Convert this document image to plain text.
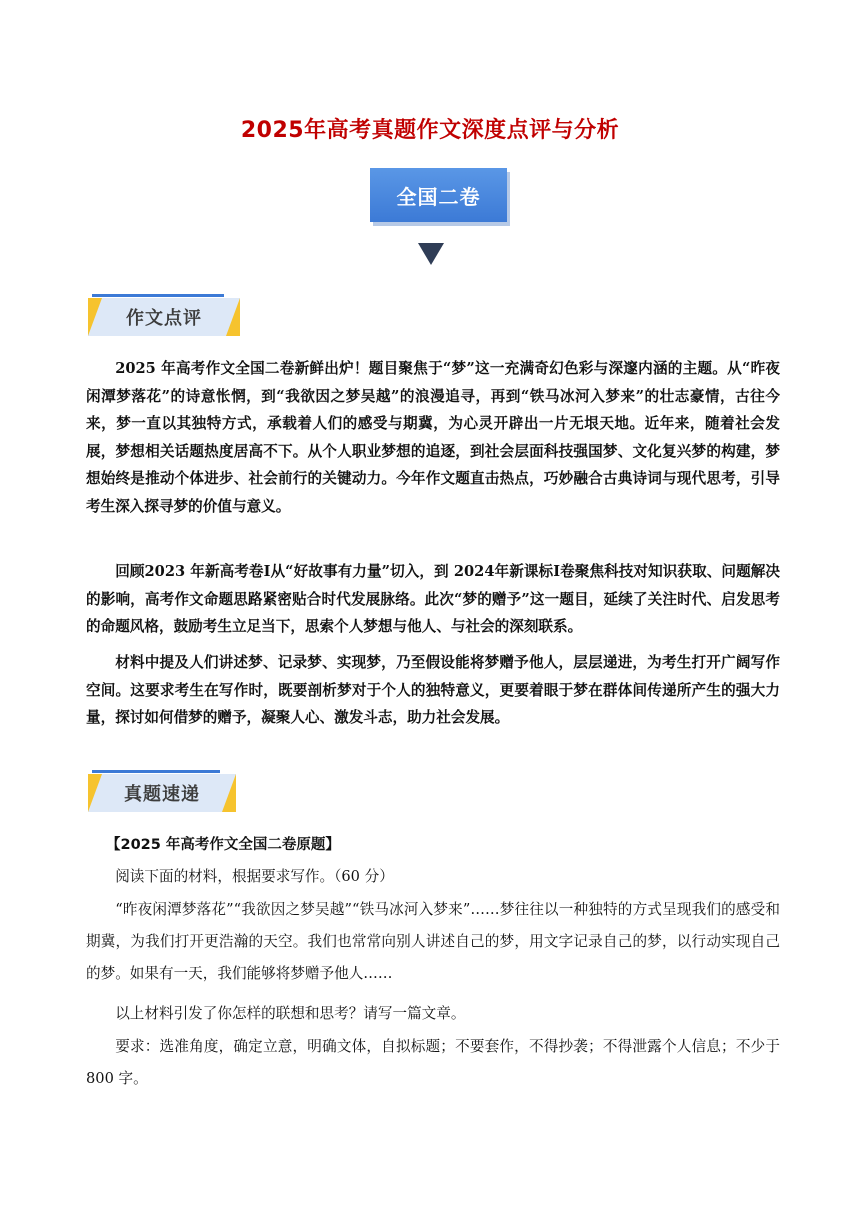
2025年高考真题作文深度点评与分析
全国二卷
作文点评

2025 年高考作文全国二卷新鲜出炉！题目聚焦于“梦”这一充满奇幻色彩与深邃内涵的主题。从“昨夜闲潭梦落花”的诗意怅惘，到“我欲因之梦吴越”的浪漫追寻，再到“铁马冰河入梦来”的壮志豪情，古往今来，梦一直以其独特方式，承载着人们的感受与期冀，为心灵开辟出一片无垠天地。近年来，随着社会发展，梦想相关话题热度居高不下。从个人职业梦想的追逐，到社会层面科技强国梦、文化复兴梦的构建，梦想始终是推动个体进步、社会前行的关键动力。今年作文题直击热点，巧妙融合古典诗词与现代思考，引导考生深入探寻梦的价值与意义。

回顾2023 年新高考卷Ⅰ从“好故事有力量”切入，到 2024年新课标Ⅰ卷聚焦科技对知识获取、问题解决的影响，高考作文命题思路紧密贴合时代发展脉络。此次“梦的赠予”这一题目，延续了关注时代、启发思考的命题风格，鼓励考生立足当下，思索个人梦想与他人、与社会的深刻联系。

材料中提及人们讲述梦、记录梦、实现梦，乃至假设能将梦赠予他人，层层递进，为考生打开广阔写作空间。这要求考生在写作时，既要剖析梦对于个人的独特意义，更要着眼于梦在群体间传递所产生的强大力量，探讨如何借梦的赠予，凝聚人心、激发斗志，助力社会发展。

真题速递

【2025 年高考作文全国二卷原题】

阅读下面的材料，根据要求写作。（60 分）

“昨夜闲潭梦落花”“我欲因之梦吴越”“铁马冰河入梦来”……梦往往以一种独特的方式呈现我们的感受和期冀，为我们打开更浩瀚的天空。我们也常常向别人讲述自己的梦，用文字记录自己的梦，以行动实现自己的梦。如果有一天，我们能够将梦赠予他人……

以上材料引发了你怎样的联想和思考？请写一篇文章。

要求：选准角度，确定立意，明确文体，自拟标题；不要套作，不得抄袭；不得泄露个人信息；不少于 800 字。
